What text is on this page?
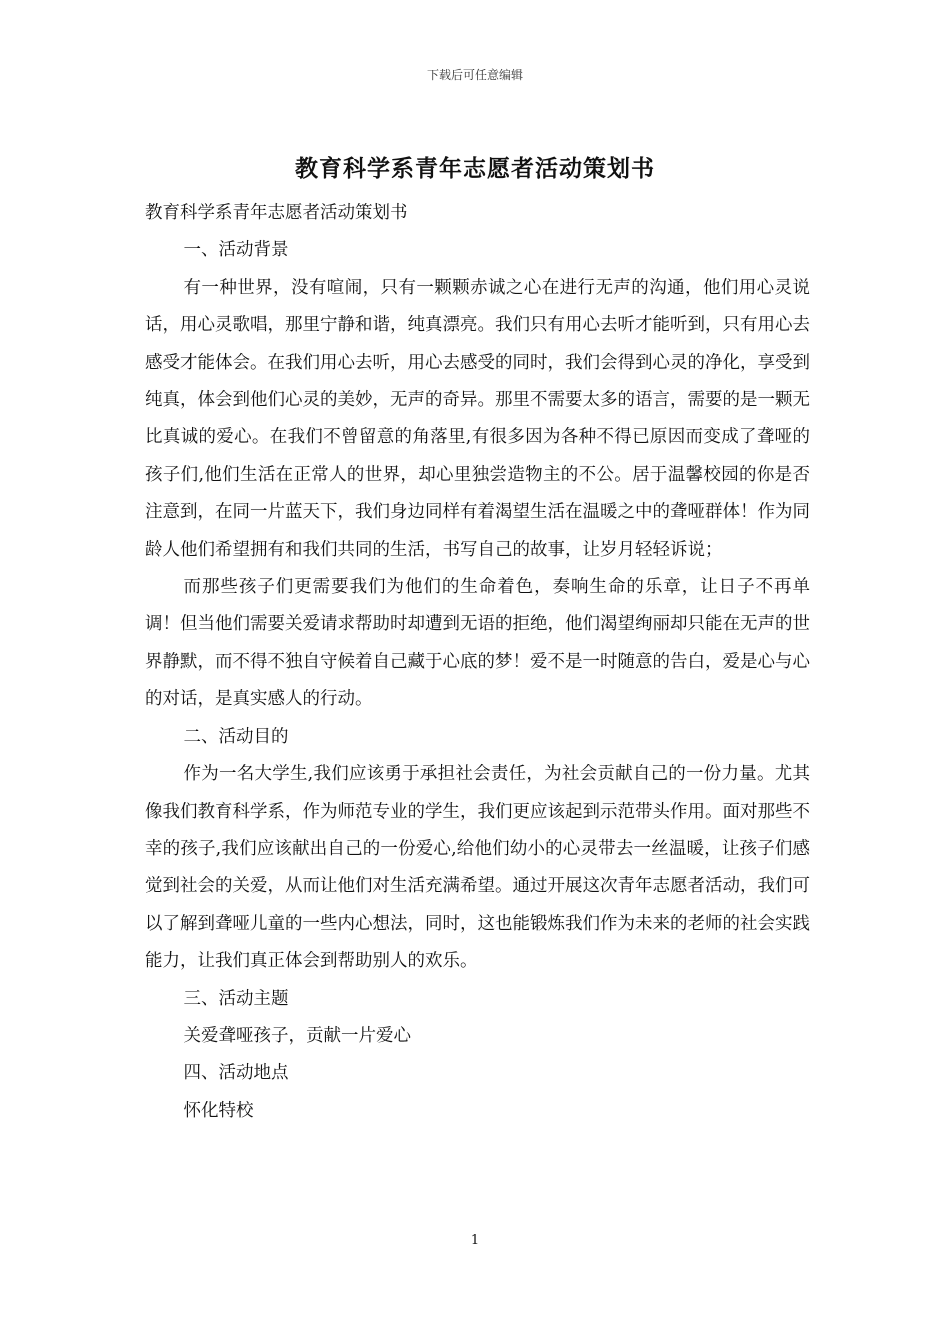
下载后可任意编辑
教育科学系青年志愿者活动策划书

教育科学系青年志愿者活动策划书

一、活动背景

有一种世界，没有喧闹，只有一颗颗赤诚之心在进行无声的沟通，他们用心灵说话，用心灵歌唱，那里宁静和谐，纯真漂亮。我们只有用心去听才能听到，只有用心去感受才能体会。在我们用心去听，用心去感受的同时，我们会得到心灵的净化，享受到纯真，体会到他们心灵的美妙，无声的奇异。那里不需要太多的语言，需要的是一颗无比真诚的爱心。在我们不曾留意的角落里,有很多因为各种不得已原因而变成了聋哑的孩子们,他们生活在正常人的世界，却心里独尝造物主的不公。居于温馨校园的你是否注意到，在同一片蓝天下，我们身边同样有着渴望生活在温暖之中的聋哑群体！作为同龄人他们希望拥有和我们共同的生活，书写自己的故事，让岁月轻轻诉说；

而那些孩子们更需要我们为他们的生命着色，奏响生命的乐章，让日子不再单调！但当他们需要关爱请求帮助时却遭到无语的拒绝，他们渴望绚丽却只能在无声的世界静默，而不得不独自守候着自己藏于心底的梦！爱不是一时随意的告白，爱是心与心的对话，是真实感人的行动。

二、活动目的

作为一名大学生,我们应该勇于承担社会责任，为社会贡献自己的一份力量。尤其像我们教育科学系，作为师范专业的学生，我们更应该起到示范带头作用。面对那些不幸的孩子,我们应该献出自己的一份爱心,给他们幼小的心灵带去一丝温暖，让孩子们感觉到社会的关爱，从而让他们对生活充满希望。通过开展这次青年志愿者活动，我们可以了解到聋哑儿童的一些内心想法，同时，这也能锻炼我们作为未来的老师的社会实践能力，让我们真正体会到帮助别人的欢乐。

三、活动主题

关爱聋哑孩子，贡献一片爱心

四、活动地点

怀化特校

1
